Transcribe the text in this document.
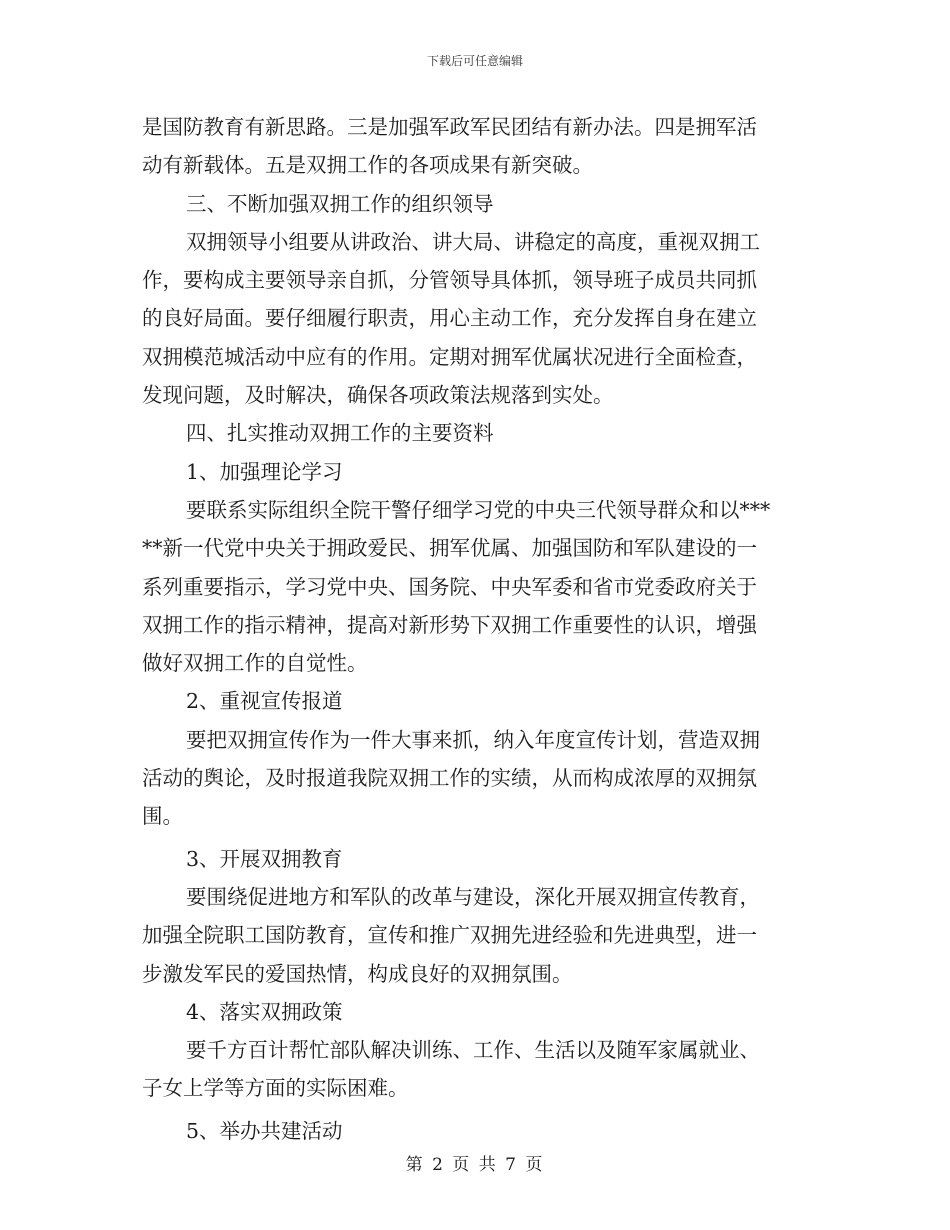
下载后可任意编辑
是国防教育有新思路。三是加强军政军民团结有新办法。四是拥军活
动有新载体。五是双拥工作的各项成果有新突破。
三、不断加强双拥工作的组织领导
双拥领导小组要从讲政治、讲大局、讲稳定的高度，重视双拥工
作，要构成主要领导亲自抓，分管领导具体抓，领导班子成员共同抓
的良好局面。要仔细履行职责，用心主动工作，充分发挥自身在建立
双拥模范城活动中应有的作用。定期对拥军优属状况进行全面检查，
发现问题，及时解决，确保各项政策法规落到实处。
四、扎实推动双拥工作的主要资料
1、加强理论学习
要联系实际组织全院干警仔细学习党的中央三代领导群众和以***
**新一代党中央关于拥政爱民、拥军优属、加强国防和军队建设的一
系列重要指示，学习党中央、国务院、中央军委和省市党委政府关于
双拥工作的指示精神，提高对新形势下双拥工作重要性的认识，增强
做好双拥工作的自觉性。
2、重视宣传报道
要把双拥宣传作为一件大事来抓，纳入年度宣传计划，营造双拥
活动的舆论，及时报道我院双拥工作的实绩，从而构成浓厚的双拥氛
围。
3、开展双拥教育
要围绕促进地方和军队的改革与建设，深化开展双拥宣传教育，
加强全院职工国防教育，宣传和推广双拥先进经验和先进典型，进一
步激发军民的爱国热情，构成良好的双拥氛围。
4、落实双拥政策
要千方百计帮忙部队解决训练、工作、生活以及随军家属就业、
子女上学等方面的实际困难。
5、举办共建活动
第 2 页 共 7 页
